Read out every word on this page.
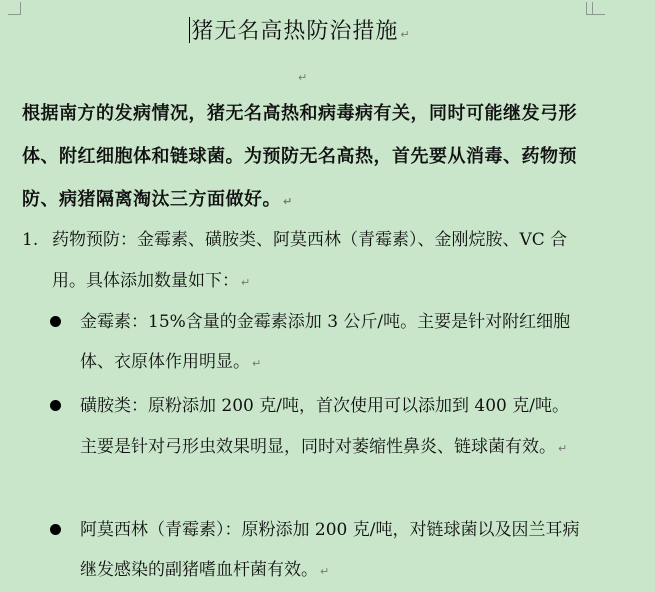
猪无名高热防治措施 ↵
↵
根据南方的发病情况，猪无名高热和病毒病有关，同时可能继发弓形体、附红细胞体和链球菌。为预防无名高热，首先要从消毒、药物预防、病猪隔离淘汰三方面做好。 ↵
1. 药物预防：金霉素、磺胺类、阿莫西林（青霉素）、金刚烷胺、VC 合用。具体添加数量如下： ↵
金霉素：15%含量的金霉素添加 3 公斤/吨。主要是针对附红细胞体、衣原体作用明显。 ↵
磺胺类：原粉添加 200 克/吨，首次使用可以添加到 400 克/吨。主要是针对弓形虫效果明显，同时对萎缩性鼻炎、链球菌有效。 ↵
阿莫西林（青霉素）：原粉添加 200 克/吨，对链球菌以及因兰耳病继发感染的副猪嗜血杆菌有效。 ↵
